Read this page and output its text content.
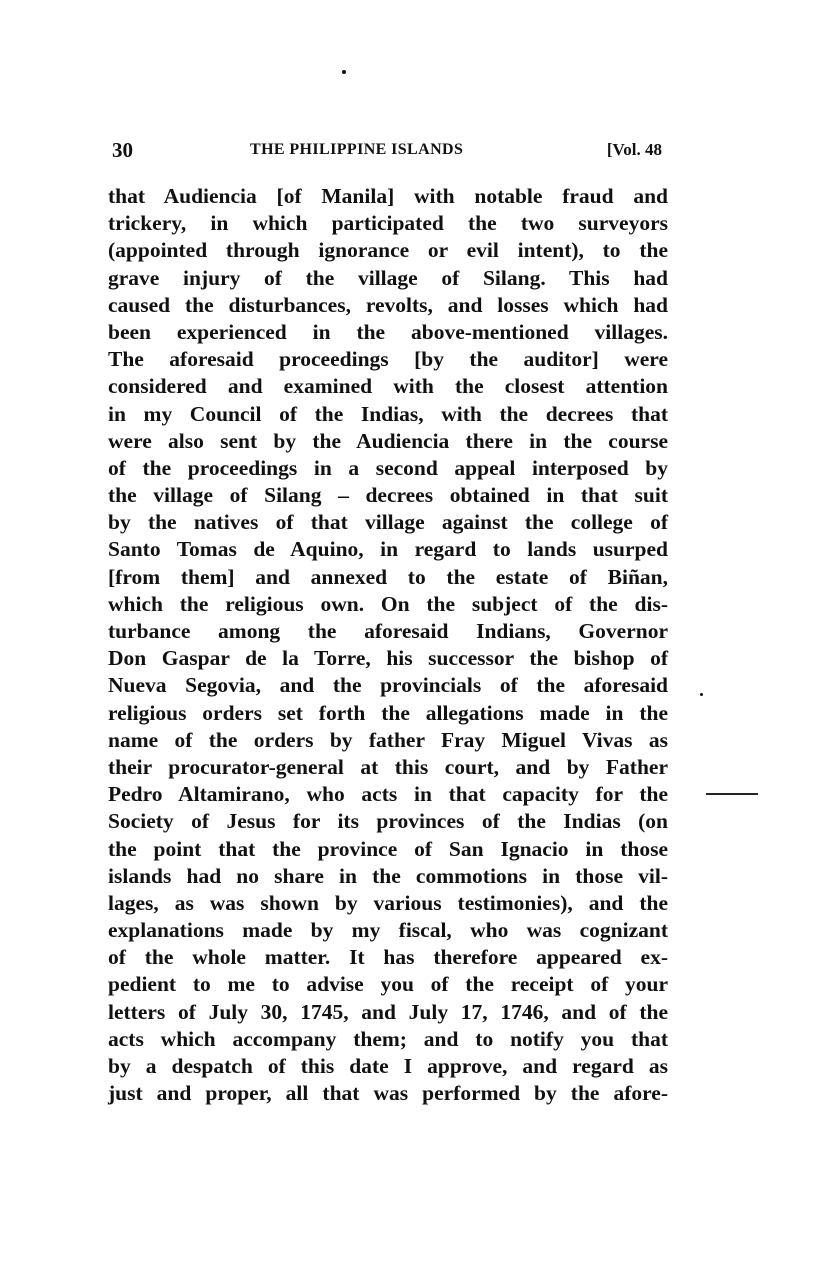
30	THE PHILIPPINE ISLANDS	[Vol. 48
that Audiencia [of Manila] with notable fraud and
trickery, in which participated the two surveyors
(appointed through ignorance or evil intent), to the
grave injury of the village of Silang. This had
caused the disturbances, revolts, and losses which had
been experienced in the above-mentioned villages.
The aforesaid proceedings [by the auditor] were
considered and examined with the closest attention
in my Council of the Indias, with the decrees that
were also sent by the Audiencia there in the course
of the proceedings in a second appeal interposed by
the village of Silang – decrees obtained in that suit
by the natives of that village against the college of
Santo Tomas de Aquino, in regard to lands usurped
[from them] and annexed to the estate of Biñan,
which the religious own. On the subject of the dis-
turbance among the aforesaid Indians, Governor
Don Gaspar de la Torre, his successor the bishop of
Nueva Segovia, and the provincials of the aforesaid
religious orders set forth the allegations made in the
name of the orders by father Fray Miguel Vivas as
their procurator-general at this court, and by Father
Pedro Altamirano, who acts in that capacity for the
Society of Jesus for its provinces of the Indias (on
the point that the province of San Ignacio in those
islands had no share in the commotions in those vil-
lages, as was shown by various testimonies), and the
explanations made by my fiscal, who was cognizant
of the whole matter. It has therefore appeared ex-
pedient to me to advise you of the receipt of your
letters of July 30, 1745, and July 17, 1746, and of the
acts which accompany them; and to notify you that
by a despatch of this date I approve, and regard as
just and proper, all that was performed by the afore-
